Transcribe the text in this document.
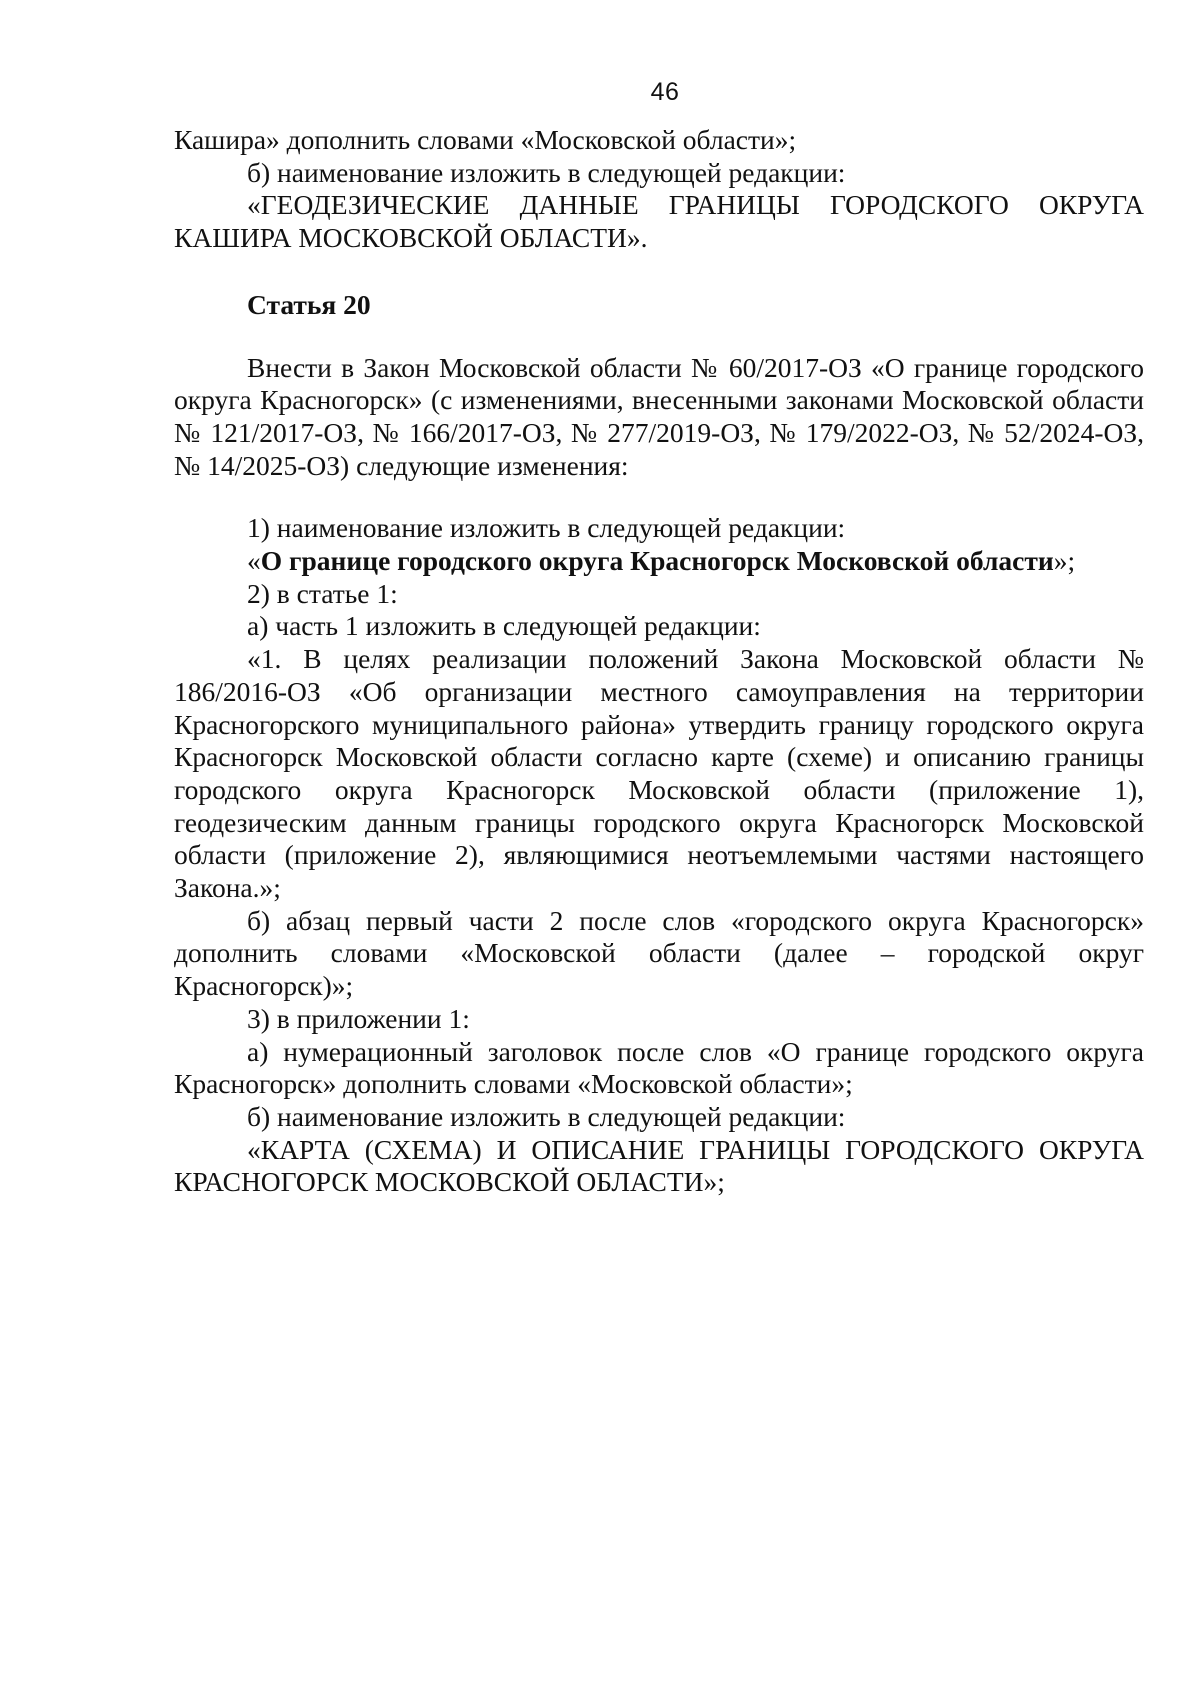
46

Кашира» дополнить словами «Московской области»;

б) наименование изложить в следующей редакции:

«ГЕОДЕЗИЧЕСКИЕ ДАННЫЕ ГРАНИЦЫ ГОРОДСКОГО ОКРУГА КАШИРА МОСКОВСКОЙ ОБЛАСТИ».

Статья 20

Внести в Закон Московской области № 60/2017-ОЗ «О границе городского округа Красногорск» (с изменениями, внесенными законами Московской области № 121/2017-ОЗ, № 166/2017-ОЗ, № 277/2019-ОЗ, № 179/2022-ОЗ, № 52/2024-ОЗ, № 14/2025-ОЗ) следующие изменения:

1) наименование изложить в следующей редакции:

«О границе городского округа Красногорск Московской области»;

2) в статье 1:

а) часть 1 изложить в следующей редакции:

«1. В целях реализации положений Закона Московской области № 186/2016-ОЗ «Об организации местного самоуправления на территории Красногорского муниципального района» утвердить границу городского округа Красногорск Московской области согласно карте (схеме) и описанию границы городского округа Красногорск Московской области (приложение 1), геодезическим данным границы городского округа Красногорск Московской области (приложение 2), являющимися неотъемлемыми частями настоящего Закона.»;

б) абзац первый части 2 после слов «городского округа Красногорск» дополнить словами «Московской области (далее – городской округ Красногорск)»;

3) в приложении 1:

а) нумерационный заголовок после слов «О границе городского округа Красногорск» дополнить словами «Московской области»;

б) наименование изложить в следующей редакции:

«КАРТА (СХЕМА) И ОПИСАНИЕ ГРАНИЦЫ ГОРОДСКОГО ОКРУГА КРАСНОГОРСК МОСКОВСКОЙ ОБЛАСТИ»;
